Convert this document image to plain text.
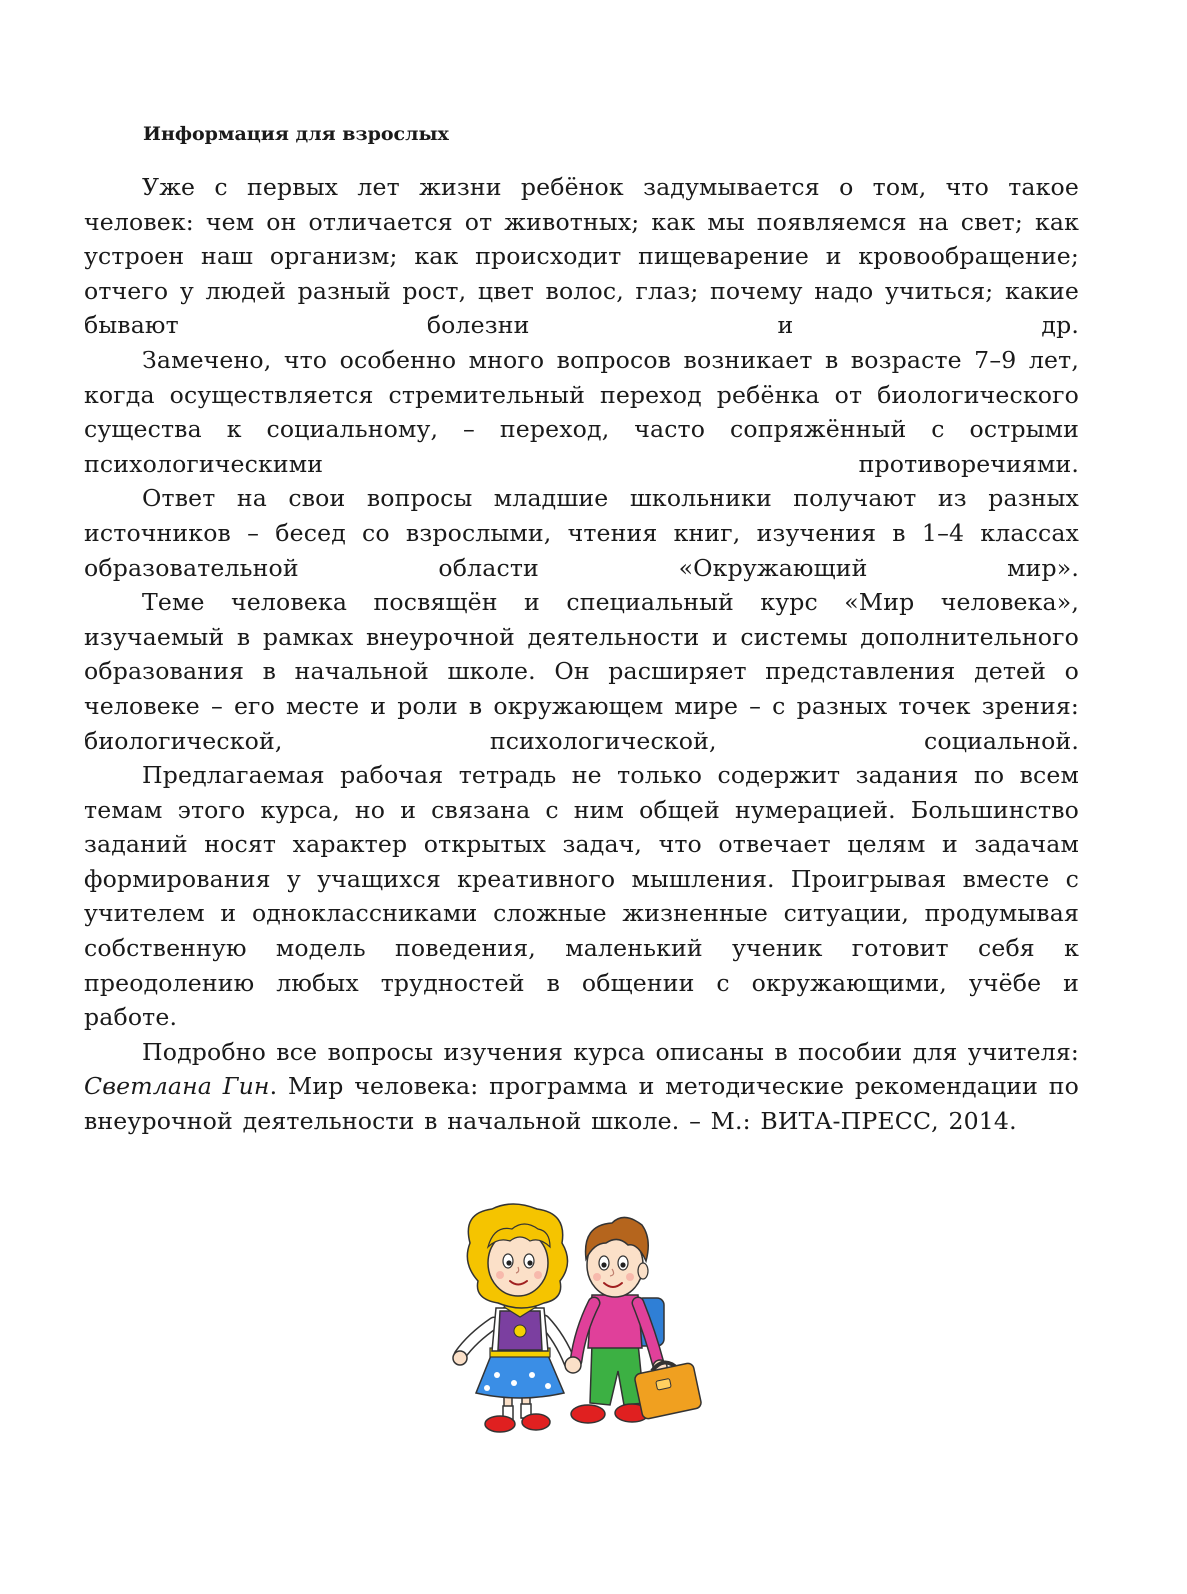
Информация для взрослых

Уже с первых лет жизни ребёнок задумывается о том, что такое человек: чем он отличается от животных; как мы появляемся на свет; как устроен наш организм; как происходит пищеварение и кровообращение; отчего у людей разный рост, цвет волос, глаз; почему надо учиться; какие бывают болезни и др.

Замечено, что особенно много вопросов возникает в возрасте 7–9 лет, когда осуществляется стремительный переход ребёнка от биологического существа к социальному, – переход, часто сопряжённый с острыми психологическими противоречиями.

Ответ на свои вопросы младшие школьники получают из разных источников – бесед со взрослыми, чтения книг, изучения в 1–4 классах образовательной области «Окружающий мир».

Теме человека посвящён и специальный курс «Мир человека», изучаемый в рамках внеурочной деятельности и системы дополнительного образования в начальной школе. Он расширяет представления детей о человеке – его месте и роли в окружающем мире – с разных точек зрения: биологической, психологической, социальной.

Предлагаемая рабочая тетрадь не только содержит задания по всем темам этого курса, но и связана с ним общей нумерацией. Большинство заданий носят характер открытых задач, что отвечает целям и задачам формирования у учащихся креативного мышления. Проигрывая вместе с учителем и одноклассниками сложные жизненные ситуации, продумывая собственную модель поведения, маленький ученик готовит себя к преодолению любых трудностей в общении с окружающими, учёбе и работе.

Подробно все вопросы изучения курса описаны в пособии для учителя: Светлана Гин. Мир человека: программа и методические рекомендации по внеурочной деятельности в начальной школе. – М.: ВИТА-ПРЕСС, 2014.
